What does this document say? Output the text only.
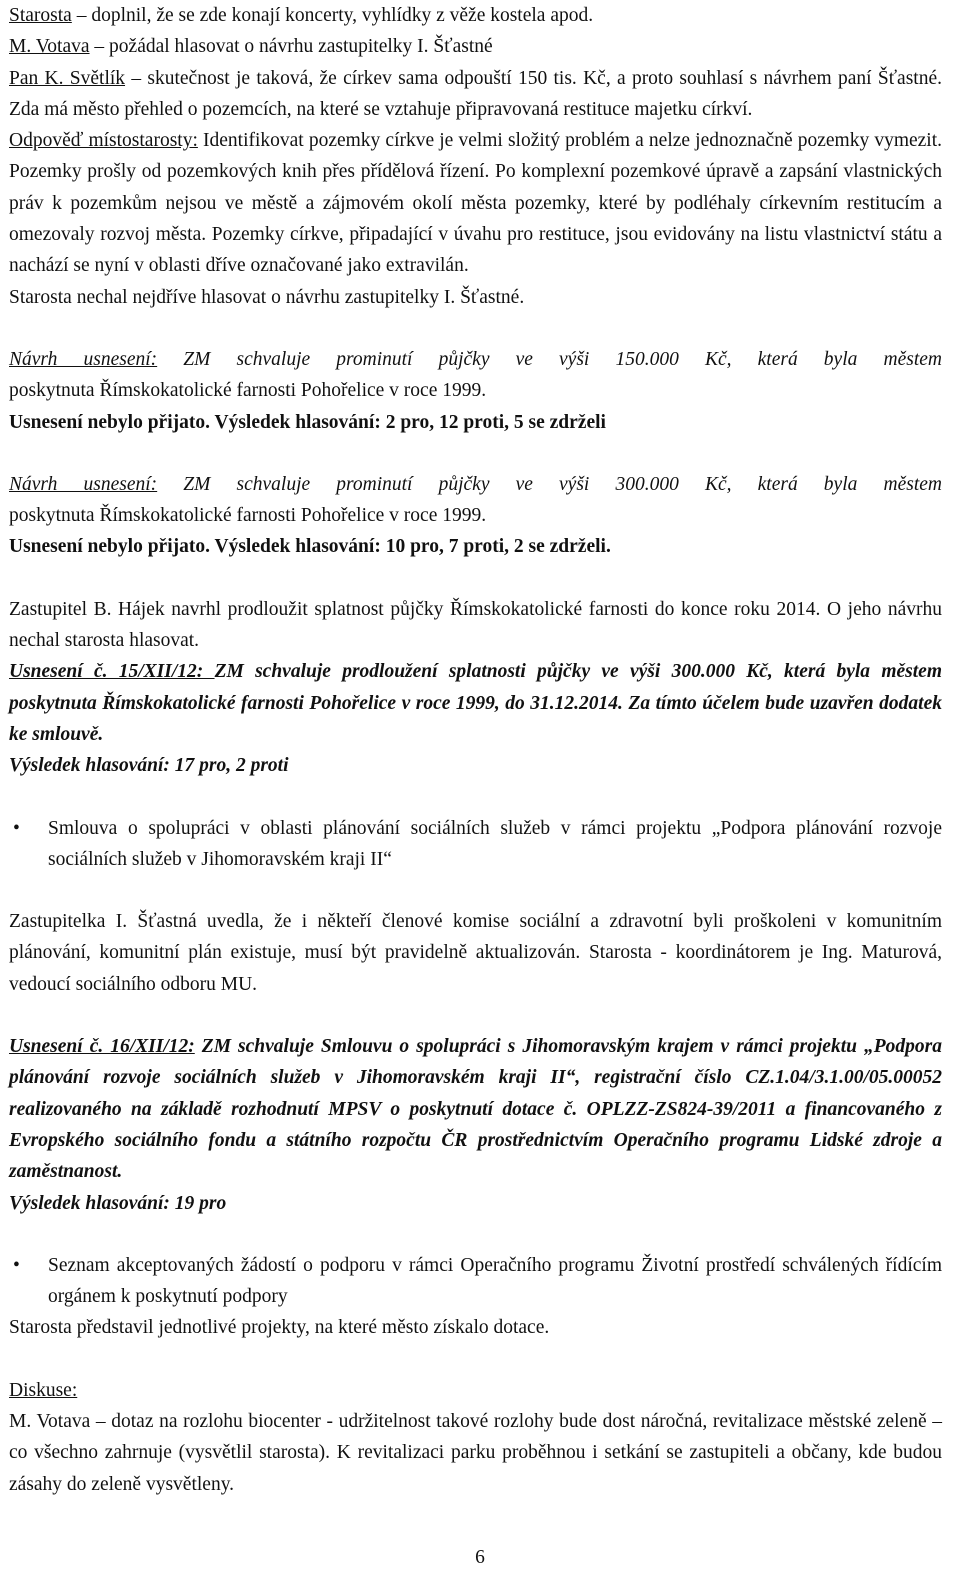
Starosta – doplnil, že se zde konají koncerty, vyhlídky z věže kostela apod.

M. Votava – požádal hlasovat o návrhu zastupitelky I. Šťastné

Pan K. Světlík – skutečnost je taková, že církev sama odpouští 150 tis. Kč, a proto souhlasí s návrhem paní Šťastné. Zda má město přehled o pozemcích, na které se vztahuje připravovaná restituce majetku církví.

Odpověď místostarosty: Identifikovat pozemky církve je velmi složitý problém a nelze jednoznačně pozemky vymezit. Pozemky prošly od pozemkových knih přes přídělová řízení. Po komplexní pozemkové úpravě a zapsání vlastnických práv k pozemkům nejsou ve městě a zájmovém okolí města pozemky, které by podléhaly církevním restitucím a omezovaly rozvoj města. Pozemky církve, připadající v úvahu pro restituce, jsou evidovány na listu vlastnictví státu a nachází se nyní v oblasti dříve označované jako extravilán.

Starosta nechal nejdříve hlasovat o návrhu zastupitelky I. Šťastné.

Návrh usnesení: ZM schvaluje prominutí půjčky ve výši 150.000 Kč, která byla městem

poskytnuta Římskokatolické farnosti Pohořelice v roce 1999.

Usnesení nebylo přijato. Výsledek hlasování: 2 pro, 12 proti, 5 se zdrželi

Návrh usnesení: ZM schvaluje prominutí půjčky ve výši 300.000 Kč, která byla městem

poskytnuta Římskokatolické farnosti Pohořelice v roce 1999.

Usnesení nebylo přijato. Výsledek hlasování: 10 pro, 7 proti, 2 se zdrželi.

Zastupitel B. Hájek navrhl prodloužit splatnost půjčky Římskokatolické farnosti do konce roku 2014. O jeho návrhu nechal starosta hlasovat.

Usnesení č. 15/XII/12: ZM schvaluje prodloužení splatnosti půjčky ve výši 300.000 Kč, která byla městem poskytnuta Římskokatolické farnosti Pohořelice v roce 1999, do 31.12.2014. Za tímto účelem bude uzavřen dodatek ke smlouvě.

Výsledek hlasování: 17 pro, 2 proti

• Smlouva o spolupráci v oblasti plánování sociálních služeb v rámci projektu „Podpora plánování rozvoje sociálních služeb v Jihomoravském kraji II“

Zastupitelka I. Šťastná uvedla, že i někteří členové komise sociální a zdravotní byli proškoleni v komunitním plánování, komunitní plán existuje, musí být pravidelně aktualizován. Starosta - koordinátorem je Ing. Maturová, vedoucí sociálního odboru MU.

Usnesení č. 16/XII/12: ZM schvaluje Smlouvu o spolupráci s Jihomoravským krajem v rámci projektu „Podpora plánování rozvoje sociálních služeb v Jihomoravském kraji II“, registrační číslo CZ.1.04/3.1.00/05.00052 realizovaného na základě rozhodnutí MPSV o poskytnutí dotace č. OPLZZ-ZS824-39/2011 a financovaného z Evropského sociálního fondu a státního rozpočtu ČR prostřednictvím Operačního programu Lidské zdroje a zaměstnanost.

Výsledek hlasování: 19 pro

• Seznam akceptovaných žádostí o podporu v rámci Operačního programu Životní prostředí schválených řídícím orgánem k poskytnutí podpory

Starosta představil jednotlivé projekty, na které město získalo dotace.

Diskuse:

M. Votava – dotaz na rozlohu biocenter - udržitelnost takové rozlohy bude dost náročná, revitalizace městské zeleně – co všechno zahrnuje (vysvětlil starosta). K revitalizaci parku proběhnou i setkání se zastupiteli a občany, kde budou zásahy do zeleně vysvětleny.

6
